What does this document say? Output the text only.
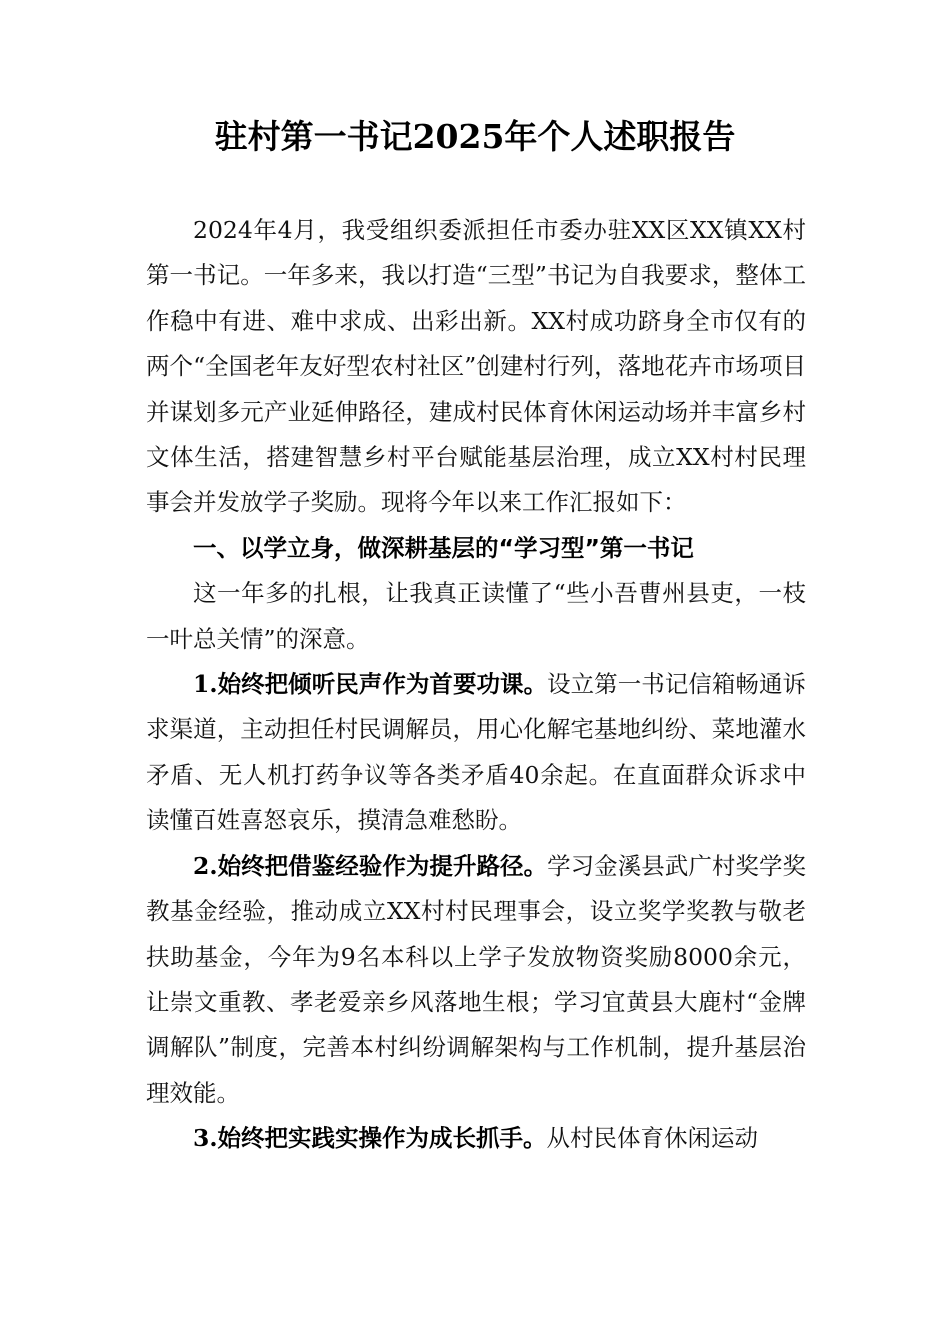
驻村第一书记2025年个人述职报告

2024年4月，我受组织委派担任市委办驻XX区XX镇XX村第一书记。一年多来，我以打造“三型”书记为自我要求，整体工作稳中有进、难中求成、出彩出新。XX村成功跻身全市仅有的两个“全国老年友好型农村社区”创建村行列，落地花卉市场项目并谋划多元产业延伸路径，建成村民体育休闲运动场并丰富乡村文体生活，搭建智慧乡村平台赋能基层治理，成立XX村村民理事会并发放学子奖励。现将今年以来工作汇报如下：

一、以学立身，做深耕基层的“学习型”第一书记

这一年多的扎根，让我真正读懂了“些小吾曹州县吏，一枝一叶总关情”的深意。

1.始终把倾听民声作为首要功课。设立第一书记信箱畅通诉求渠道，主动担任村民调解员，用心化解宅基地纠纷、菜地灌水矛盾、无人机打药争议等各类矛盾40余起。在直面群众诉求中读懂百姓喜怒哀乐，摸清急难愁盼。

2.始终把借鉴经验作为提升路径。学习金溪县武广村奖学奖教基金经验，推动成立XX村村民理事会，设立奖学奖教与敬老扶助基金，今年为9名本科以上学子发放物资奖励8000余元，让崇文重教、孝老爱亲乡风落地生根；学习宜黄县大鹿村“金牌调解队”制度，完善本村纠纷调解架构与工作机制，提升基层治理效能。

3.始终把实践实操作为成长抓手。从村民体育休闲运动
